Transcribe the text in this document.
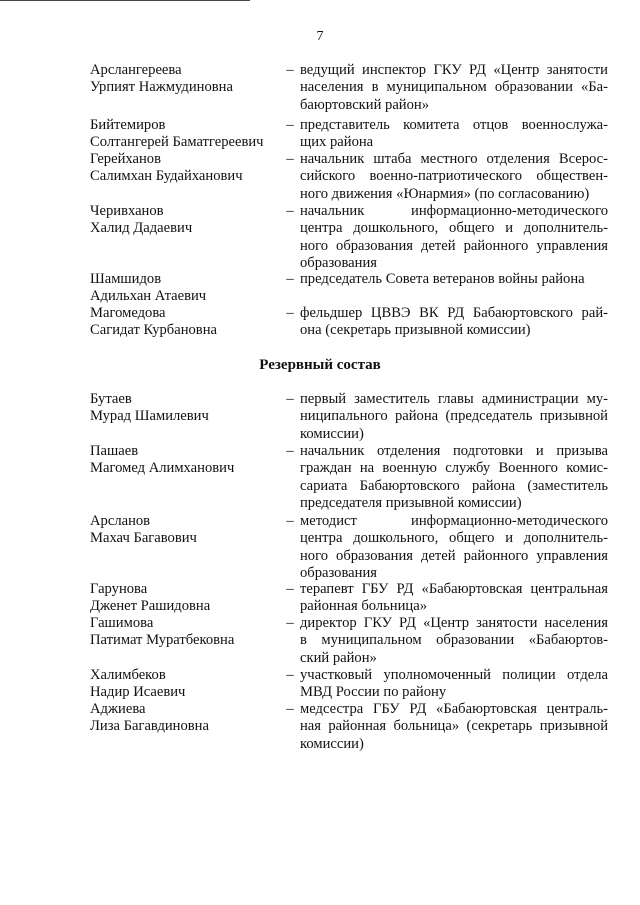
7
Арслангереева
Урпият Нажмудиновна
– ведущий инспектор ГКУ РД «Центр занятости
населения в муниципальном образовании «Ба-
баюртовский район»
Бийтемиров
Солтангерей Баматгереевич
– представитель комитета отцов военнослужа-
щих района
Герейханов
Салимхан Будайханович
– начальник штаба местного отделения Всерос-
сийского военно-патриотического обществен-
ного движения «Юнармия» (по согласованию)
Черивханов
Халид Дадаевич
– начальник информационно-методического
центра дошкольного, общего и дополнитель-
ного образования детей районного управления
образования
Шамшидов
Адильхан Атаевич
– председатель Совета ветеранов войны района
Магомедова
Сагидат Курбановна
– фельдшер ЦВВЭ ВК РД Бабаюртовского рай-
она (секретарь призывной комиссии)
Резервный состав
Бутаев
Мурад Шамилевич
– первый заместитель главы администрации му-
ниципального района (председатель призывной
комиссии)
Пашаев
Магомед Алимханович
– начальник отделения подготовки и призыва
граждан на военную службу Военного комис-
сариата Бабаюртовского района (заместитель
председателя призывной комиссии)
Арсланов
Махач Багавович
– методист информационно-методического
центра дошкольного, общего и дополнитель-
ного образования детей районного управления
образования
Гарунова
Дженет Рашидовна
– терапевт ГБУ РД «Бабаюртовская центральная
районная больница»
Гашимова
Патимат Муратбековна
– директор ГКУ РД «Центр занятости населения
в муниципальном образовании «Бабаюртов-
ский район»
Халимбеков
Надир Исаевич
– участковый уполномоченный полиции отдела
МВД России по району
Аджиева
Лиза Багавдиновна
– медсестра ГБУ РД «Бабаюртовская централь-
ная районная больница» (секретарь призывной
комиссии)
